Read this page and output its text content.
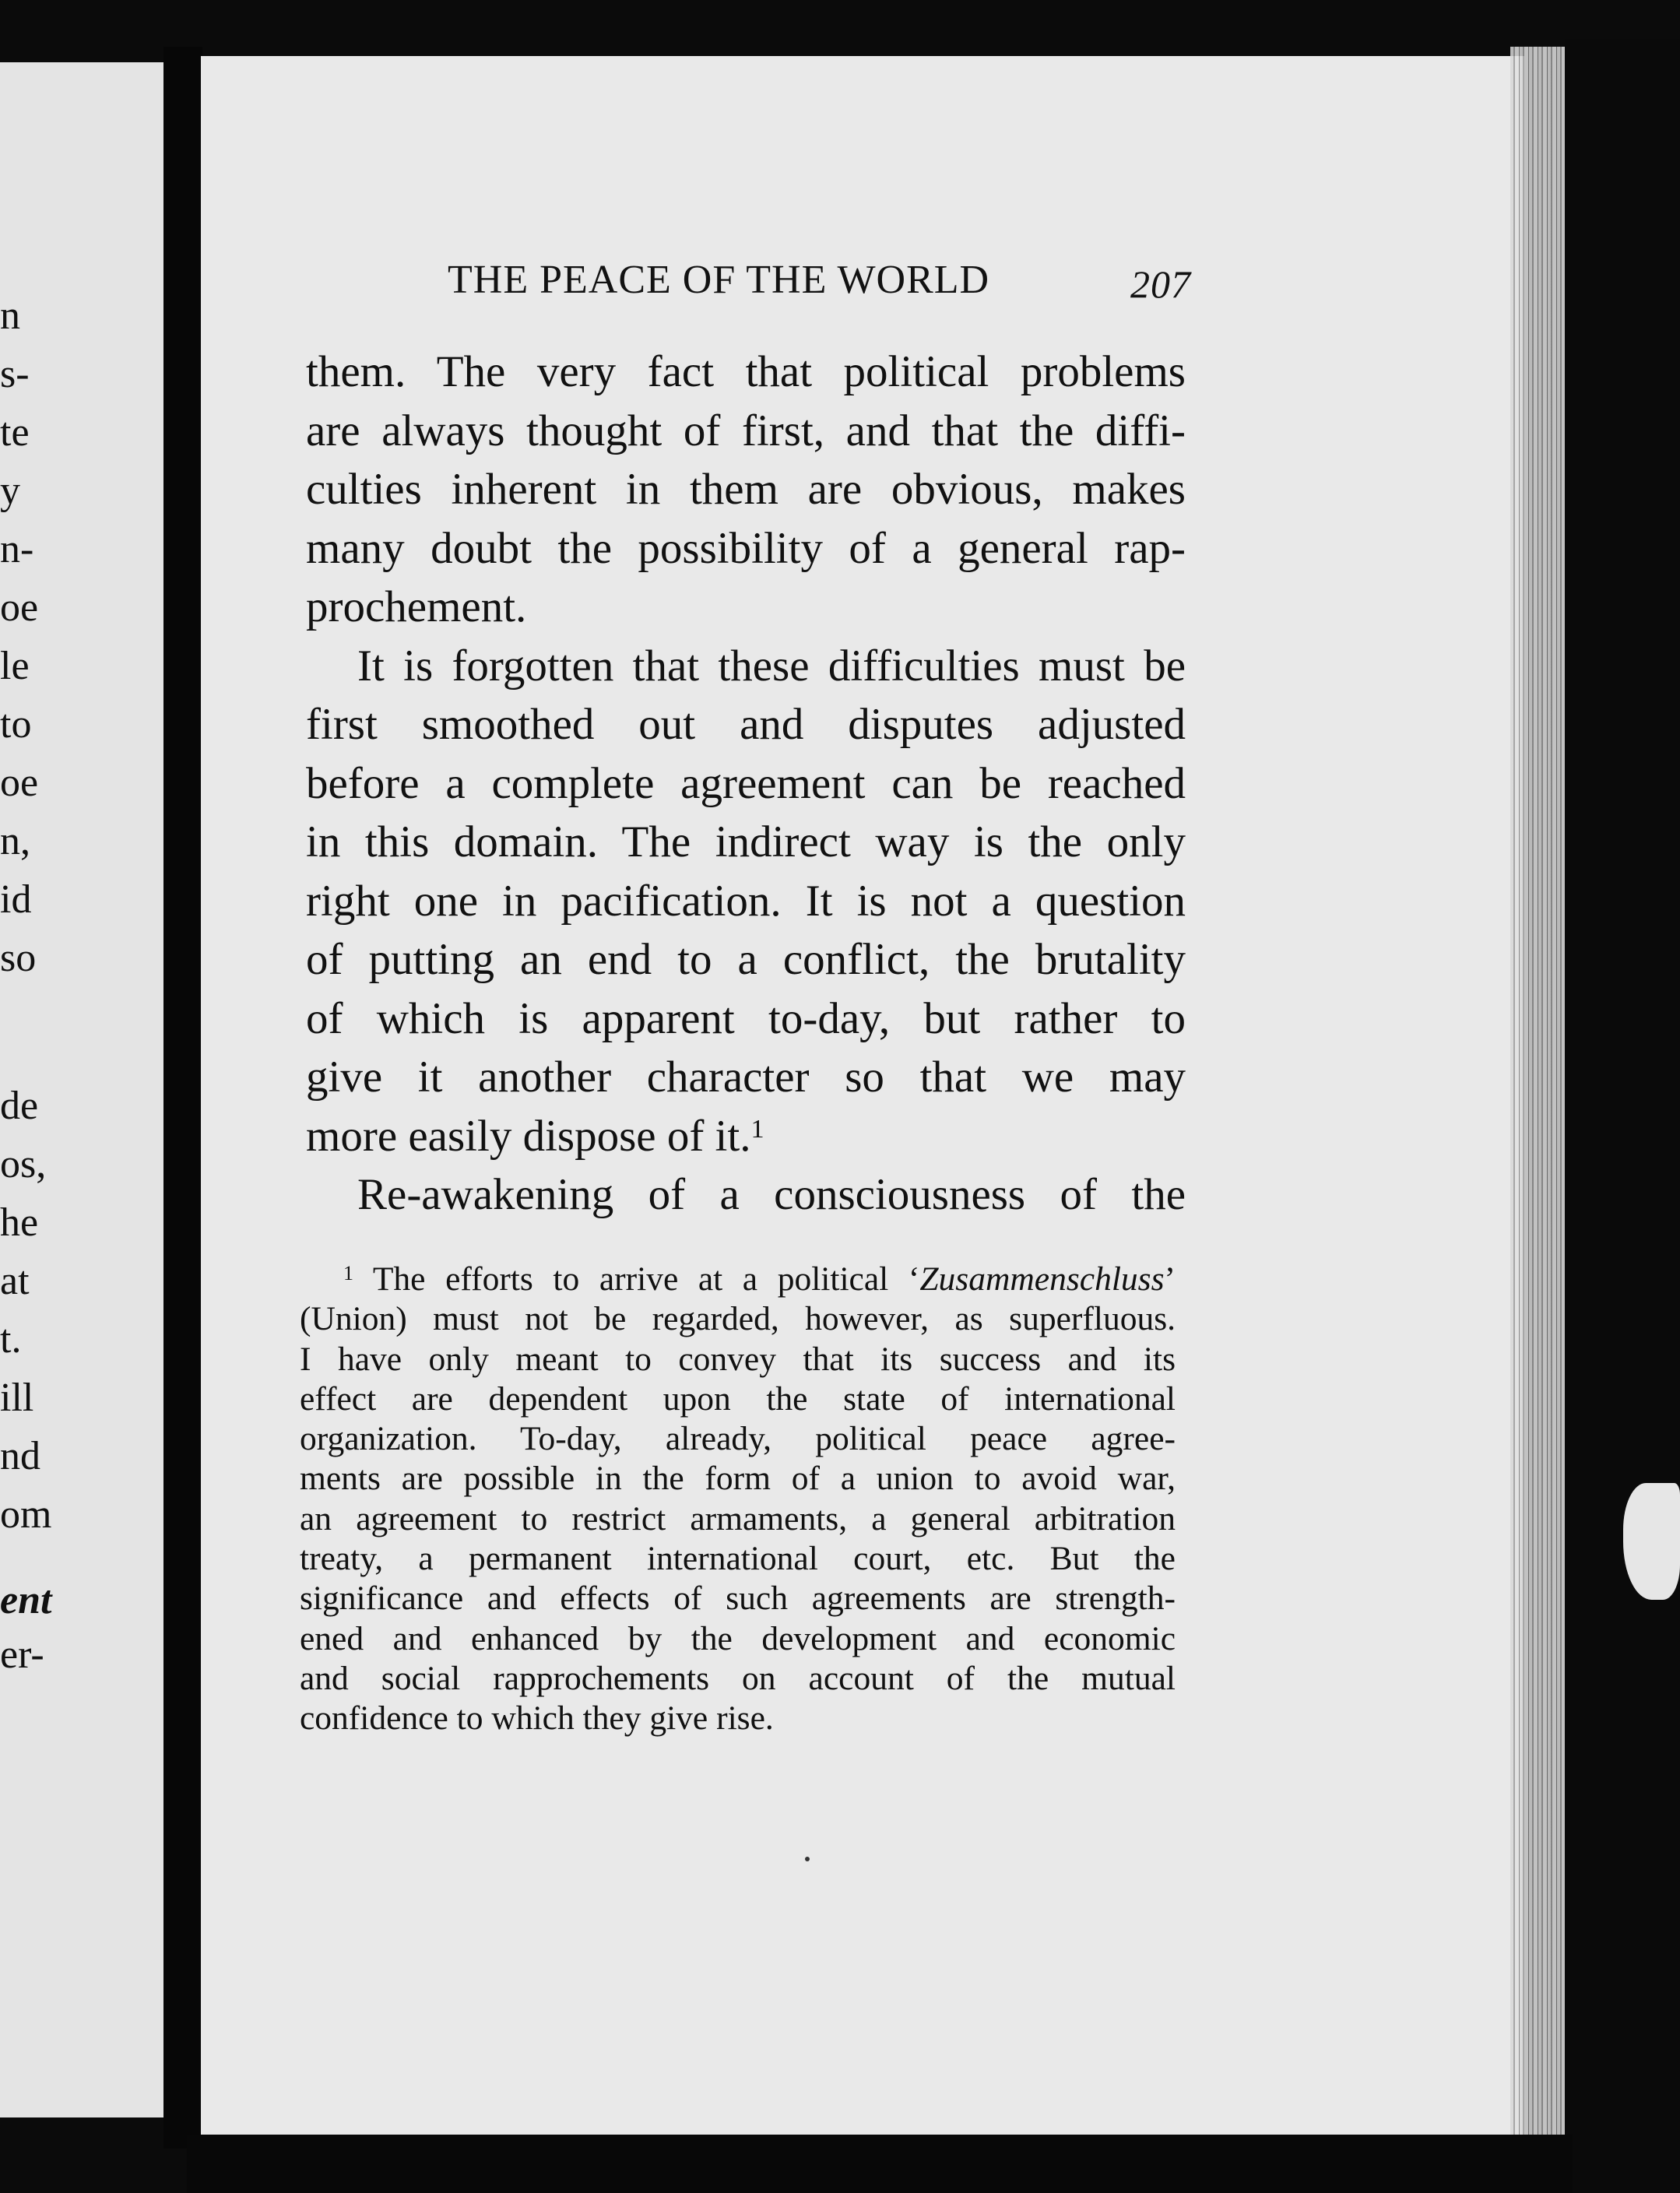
n
s-
te
y
n-
oe
le
to
oe
n,
id
so
de
os,
he
at
t.
ill
nd
om
ent
er-
THE PEACE OF THE WORLD	207
them. The very fact that political problems
are always thought of first, and that the diffi-
culties inherent in them are obvious, makes
many doubt the possibility of a general rap-
prochement.
It is forgotten that these difficulties must be
first smoothed out and disputes adjusted
before a complete agreement can be reached
in this domain. The indirect way is the only
right one in pacification. It is not a question
of putting an end to a conflict, the brutality
of which is apparent to-day, but rather to
give it another character so that we may
more easily dispose of it.$^1$
Re-awakening of a consciousness of the
$^1$ The efforts to arrive at a political ‘Zusammenschluss’
(Union) must not be regarded, however, as superfluous.
I have only meant to convey that its success and its
effect are dependent upon the state of international
organization. To-day, already, political peace agree-
ments are possible in the form of a union to avoid war,
an agreement to restrict armaments, a general arbitration
treaty, a permanent international court, etc. But the
significance and effects of such agreements are strength-
ened and enhanced by the development and economic
and social rapprochements on account of the mutual
confidence to which they give rise.
